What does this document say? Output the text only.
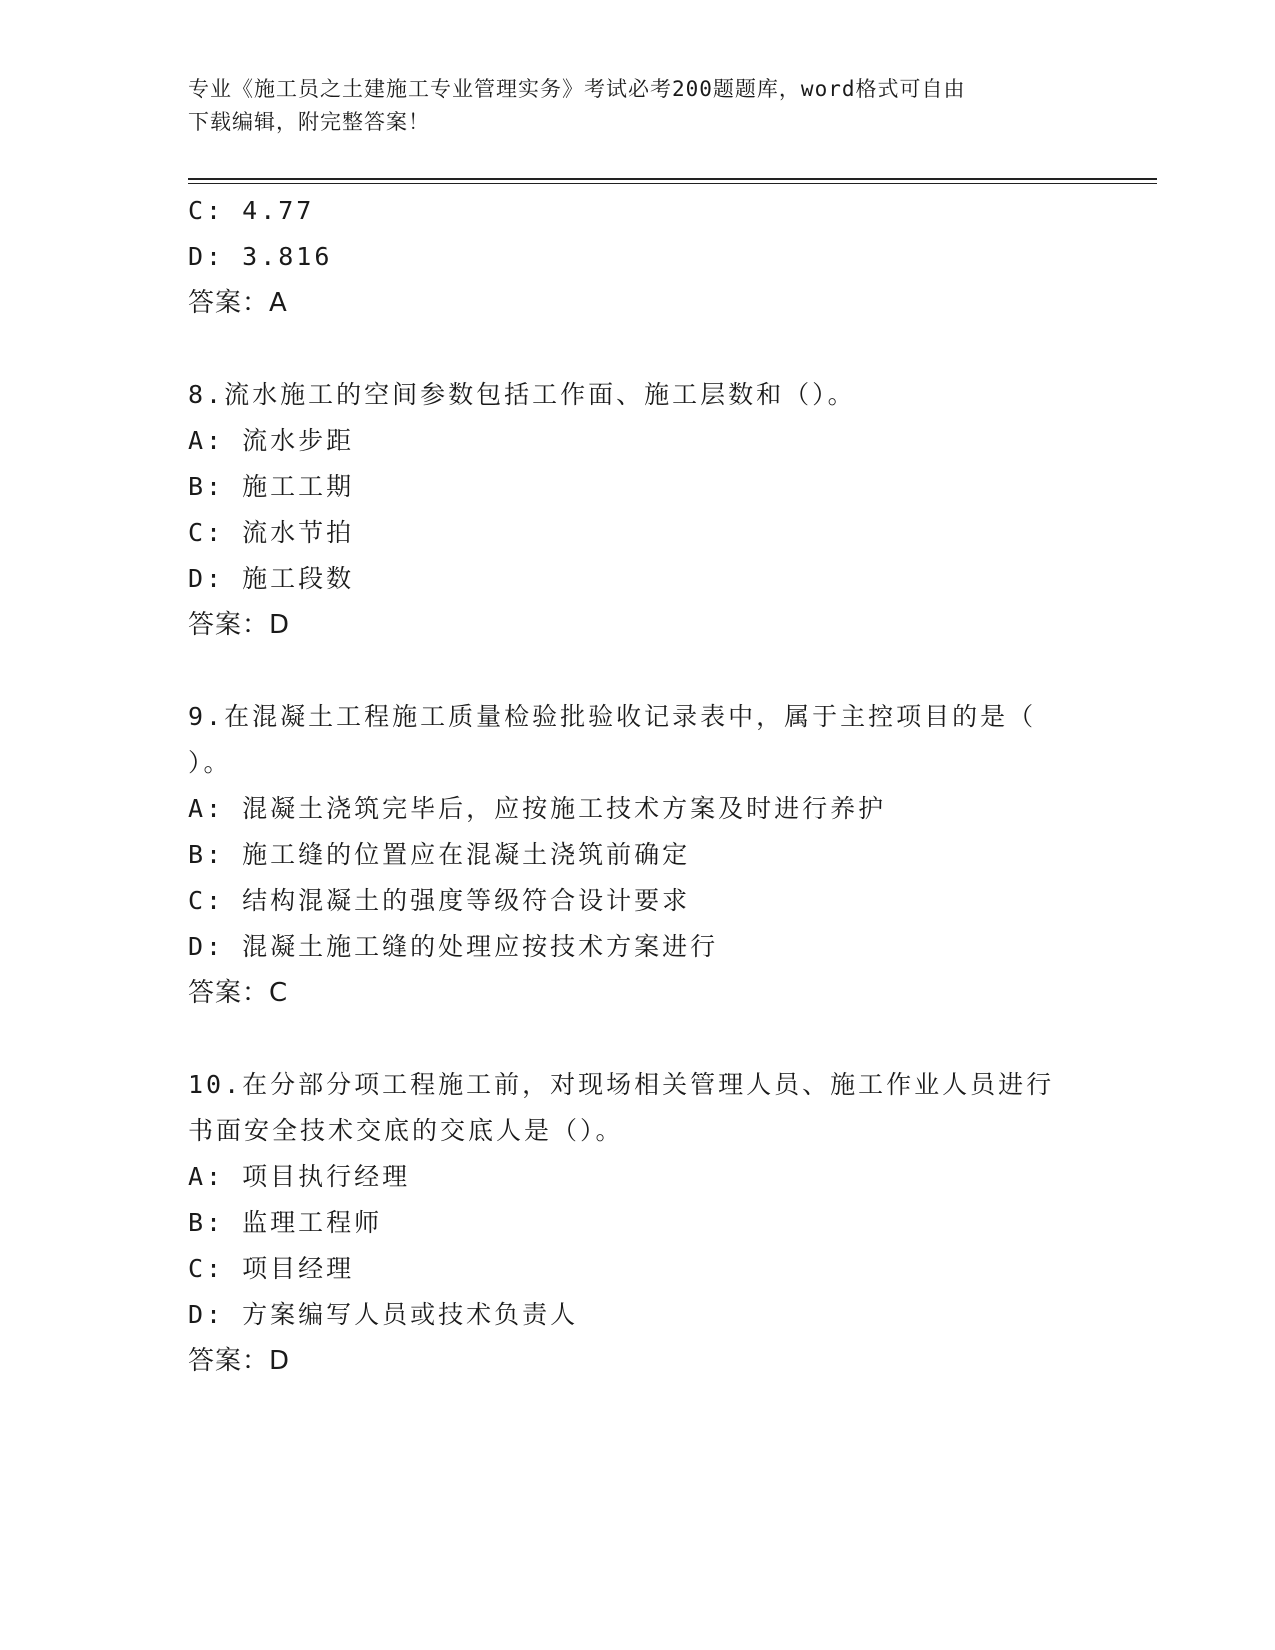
专业《施工员之土建施工专业管理实务》考试必考200题题库，word格式可自由
下载编辑，附完整答案！
C: 4.77
D: 3.816
答案：A
8.流水施工的空间参数包括工作面、施工层数和（）。
A: 流水步距
B: 施工工期
C: 流水节拍
D: 施工段数
答案：D
9.在混凝土工程施工质量检验批验收记录表中，属于主控项目的是（
）。
A: 混凝土浇筑完毕后，应按施工技术方案及时进行养护
B: 施工缝的位置应在混凝土浇筑前确定
C: 结构混凝土的强度等级符合设计要求
D: 混凝土施工缝的处理应按技术方案进行
答案：C
10.在分部分项工程施工前，对现场相关管理人员、施工作业人员进行
书面安全技术交底的交底人是（）。
A: 项目执行经理
B: 监理工程师
C: 项目经理
D: 方案编写人员或技术负责人
答案：D
